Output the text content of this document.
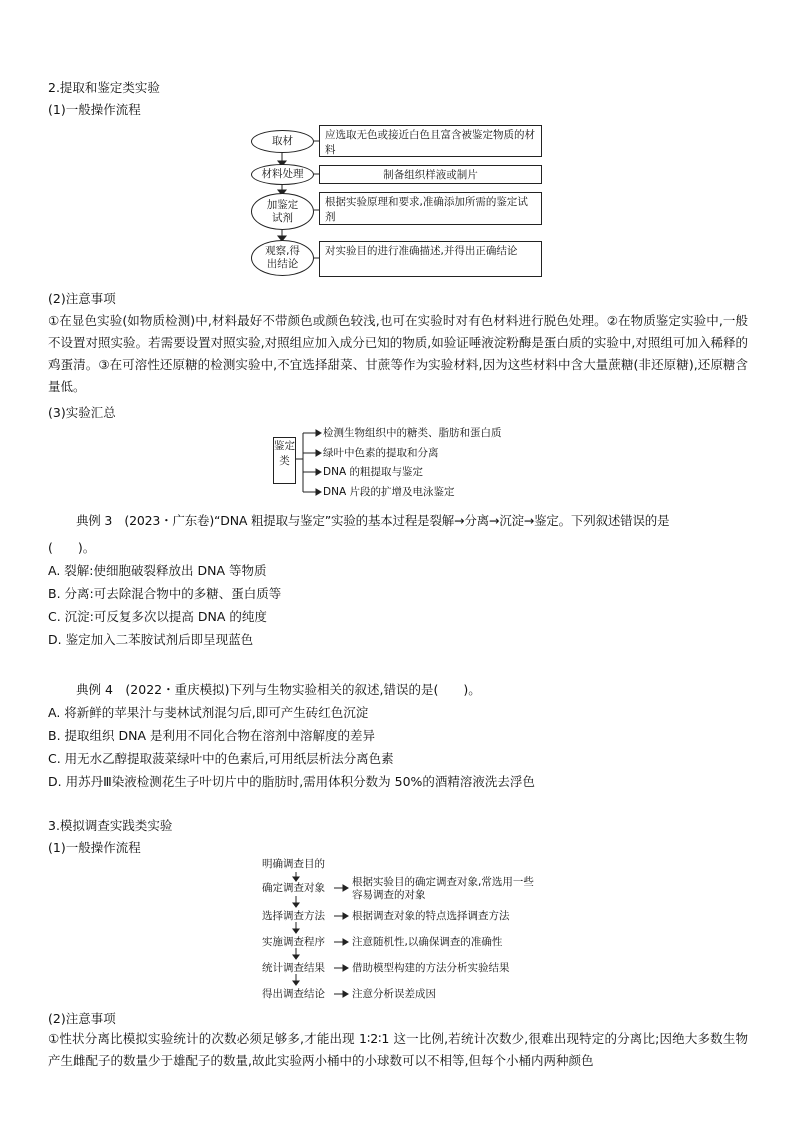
2.提取和鉴定类实验
(1)一般操作流程
取材	应选取无色或接近白色且富含被鉴定物质的材料
材料处理	制备组织样液或制片
加鉴定试剂
根据实验原理和要求,准确添加所需的鉴定试剂
观察,得出结论
对实验目的进行准确描述,并得出正确结论
(2)注意事项
①在显色实验(如物质检测)中,材料最好不带颜色或颜色较浅,也可在实验时对有色材料进行脱色处理。②在物质鉴定实验中,一般不设置对照实验。若需要设置对照实验,对照组应加入成分已知的物质,如验证唾液淀粉酶是蛋白质的实验中,对照组可加入稀释的鸡蛋清。③在可溶性还原糖的检测实验中,不宜选择甜菜、甘蔗等作为实验材料,因为这些材料中含大量蔗糖(非还原糖),还原糖含量低。
(3)实验汇总
鉴定类
检测生物组织中的糖类、脂肪和蛋白质
绿叶中色素的提取和分离
DNA 的粗提取与鉴定
DNA 片段的扩增及电泳鉴定
典例 3　(2023・广东卷)“DNA 粗提取与鉴定”实验的基本过程是裂解→分离→沉淀→鉴定。下列叙述错误的是
(　　)。
A. 裂解:使细胞破裂释放出 DNA 等物质
B. 分离:可去除混合物中的多糖、蛋白质等
C. 沉淀:可反复多次以提高 DNA 的纯度
D. 鉴定加入二苯胺试剂后即呈现蓝色
典例 4　(2022・重庆模拟)下列与生物实验相关的叙述,错误的是(　　)。
A. 将新鲜的苹果汁与斐林试剂混匀后,即可产生砖红色沉淀
B. 提取组织 DNA 是利用不同化合物在溶剂中溶解度的差异
C. 用无水乙醇提取菠菜绿叶中的色素后,可用纸层析法分离色素
D. 用苏丹Ⅲ染液检测花生子叶切片中的脂肪时,需用体积分数为 50%的酒精溶液洗去浮色
3.模拟调查实践类实验
(1)一般操作流程
明确调查目的
确定调查对象	根据实验目的确定调查对象,常选用一些容易调查的对象
选择调查方法	根据调查对象的特点选择调查方法
实施调查程序	注意随机性,以确保调查的准确性
统计调查结果	借助模型构建的方法分析实验结果
得出调查结论	注意分析误差成因
(2)注意事项
①性状分离比模拟实验统计的次数必须足够多,才能出现 1∶2∶1 这一比例,若统计次数少,很难出现特定的分离比;因绝大多数生物产生雌配子的数量少于雄配子的数量,故此实验两小桶中的小球数可以不相等,但每个小桶内两种颜色
